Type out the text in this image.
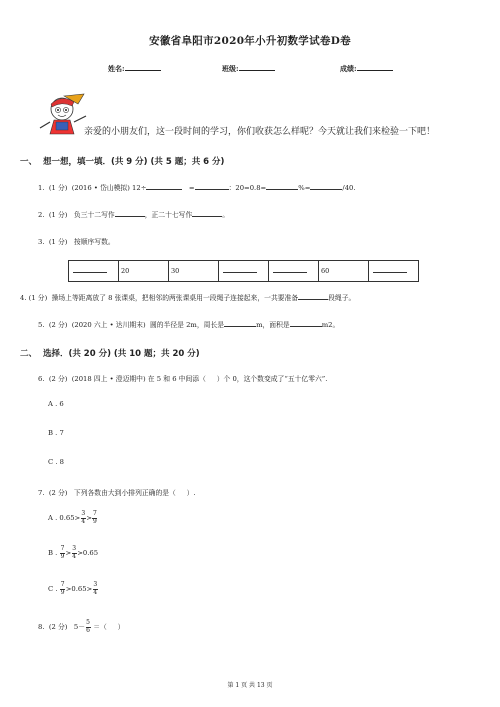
安徽省阜阳市2020年小升初数学试卷D卷
姓名:	班级:	成绩:
亲爱的小朋友们，这一段时间的学习，你们收获怎么样呢？今天就让我们来检验一下吧！
一、 想一想，填一填．(共 9 分) (共 5 题；共 6 分)
1. (1 分) (2016 • 岱山模拟) 12÷	=	：20=0.8=	%=	/40.
2. (1 分) 负三十二写作	，正二十七写作	。
3. (1 分) 按顺序写数。
	20	30			60	
4. (1 分) 操场上等距离放了 8 张课桌，把相邻的两张课桌用一段绳子连接起来，一共要准备	段绳子。
5. (2 分) (2020 六上 • 达川期末) 圆的半径是 2m，周长是	m，面积是	m2。
二、 选择．(共 20 分) (共 10 题；共 20 分)
6. (2 分) (2018 四上 • 澄迈期中) 在 5 和 6 中间添（ ）个 0，这个数变成了“五十亿零六”.
A . 6
B . 7
C . 8
7. (2 分) 下列各数由大到小排列正确的是（ ）.
A . $0.65> \frac{3}{4} > \frac{7}{9}$
B . $\frac{7}{9} > \frac{3}{4} >0.65$
C . $\frac{7}{9} >0.65> \frac{3}{4}$
8. (2 分) $5- \frac{5}{6}$ ＝（ ）
第 1 页 共 13 页
